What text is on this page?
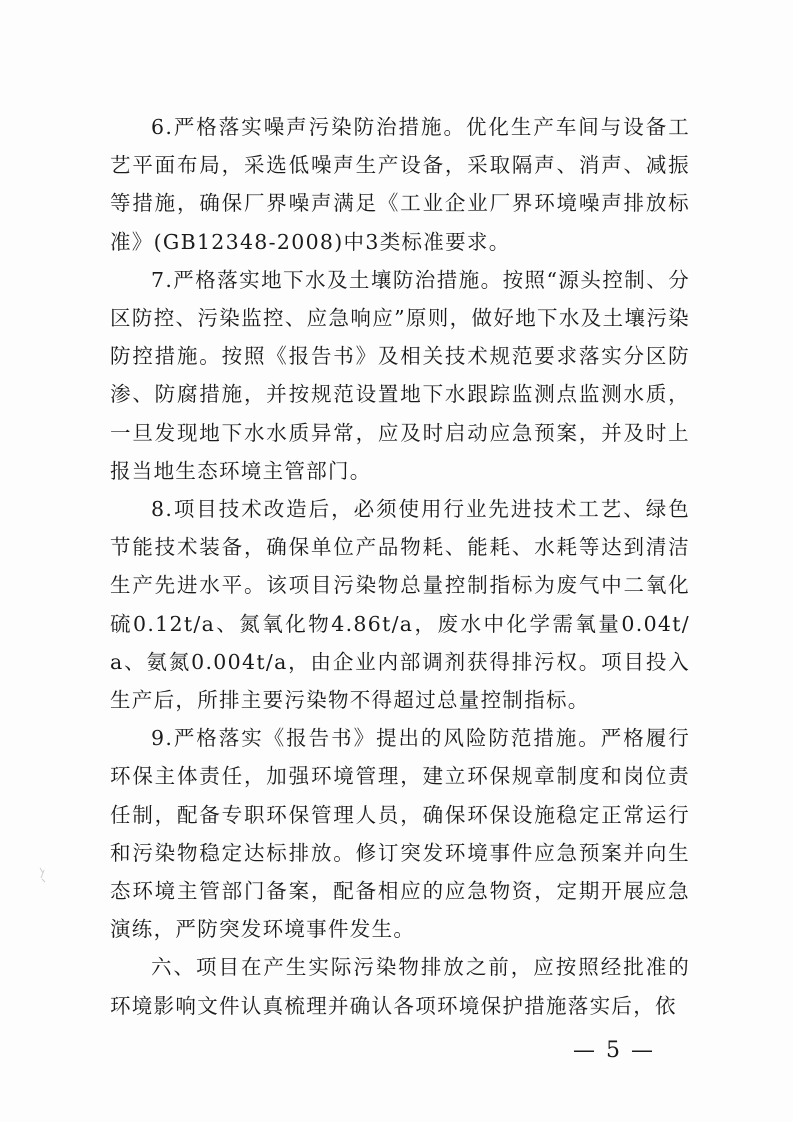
6.严格落实噪声污染防治措施。优化生产车间与设备工艺平面布局，采选低噪声生产设备，采取隔声、消声、减振等措施，确保厂界噪声满足《工业企业厂界环境噪声排放标准》(GB12348-2008)中3类标准要求。

7.严格落实地下水及土壤防治措施。按照“源头控制、分区防控、污染监控、应急响应”原则，做好地下水及土壤污染防控措施。按照《报告书》及相关技术规范要求落实分区防渗、防腐措施，并按规范设置地下水跟踪监测点监测水质，一旦发现地下水水质异常，应及时启动应急预案，并及时上报当地生态环境主管部门。

8.项目技术改造后，必须使用行业先进技术工艺、绿色节能技术装备，确保单位产品物耗、能耗、水耗等达到清洁生产先进水平。该项目污染物总量控制指标为废气中二氧化硫0.12t/a、氮氧化物4.86t/a，废水中化学需氧量0.04t/a、氨氮0.004t/a，由企业内部调剂获得排污权。项目投入生产后，所排主要污染物不得超过总量控制指标。

9.严格落实《报告书》提出的风险防范措施。严格履行环保主体责任，加强环境管理，建立环保规章制度和岗位责任制，配备专职环保管理人员，确保环保设施稳定正常运行和污染物稳定达标排放。修订突发环境事件应急预案并向生态环境主管部门备案，配备相应的应急物资，定期开展应急演练，严防突发环境事件发生。

六、项目在产生实际污染物排放之前，应按照经批准的环境影响文件认真梳理并确认各项环境保护措施落实后，依

— 5 —
